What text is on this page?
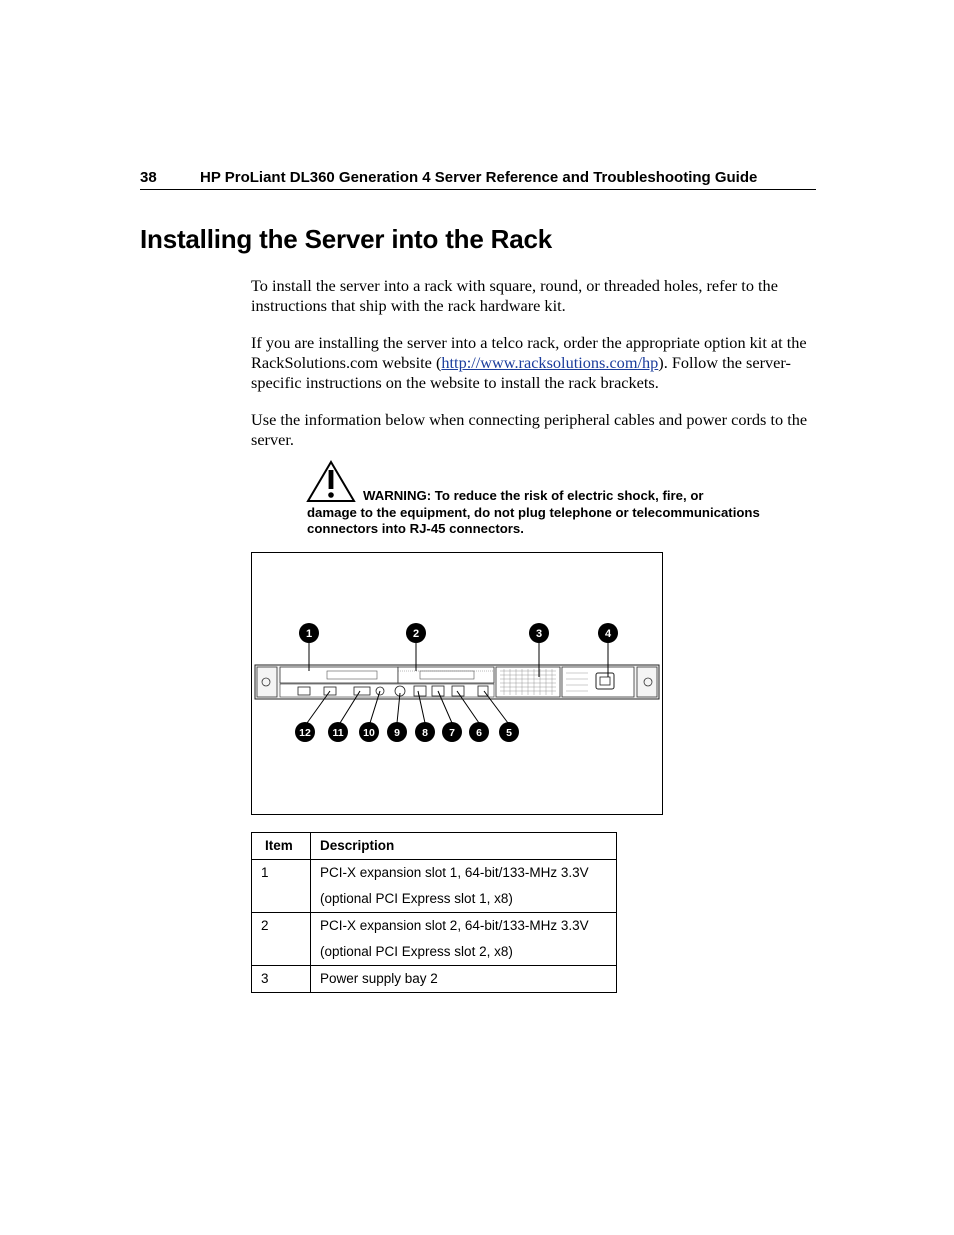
38	HP ProLiant DL360 Generation 4 Server Reference and Troubleshooting Guide
Installing the Server into the Rack

To install the server into a rack with square, round, or threaded holes, refer to the instructions that ship with the rack hardware kit.

If you are installing the server into a telco rack, order the appropriate option kit at the RackSolutions.com website (http://www.racksolutions.com/hp). Follow the server-specific instructions on the website to install the rack brackets.

Use the information below when connecting peripheral cables and power cords to the server.

WARNING: To reduce the risk of electric shock, fire, or
damage to the equipment, do not plug telephone or telecommunications connectors into RJ-45 connectors.

1	2	3	4
12 11 10 9 8 7 6 5
Item	Description
1	PCI-X expansion slot 1, 64-bit/133-MHz 3.3V
(optional PCI Express slot 1, x8)

2	PCI-X expansion slot 2, 64-bit/133-MHz 3.3V
(optional PCI Express slot 2, x8)

3	Power supply bay 2
